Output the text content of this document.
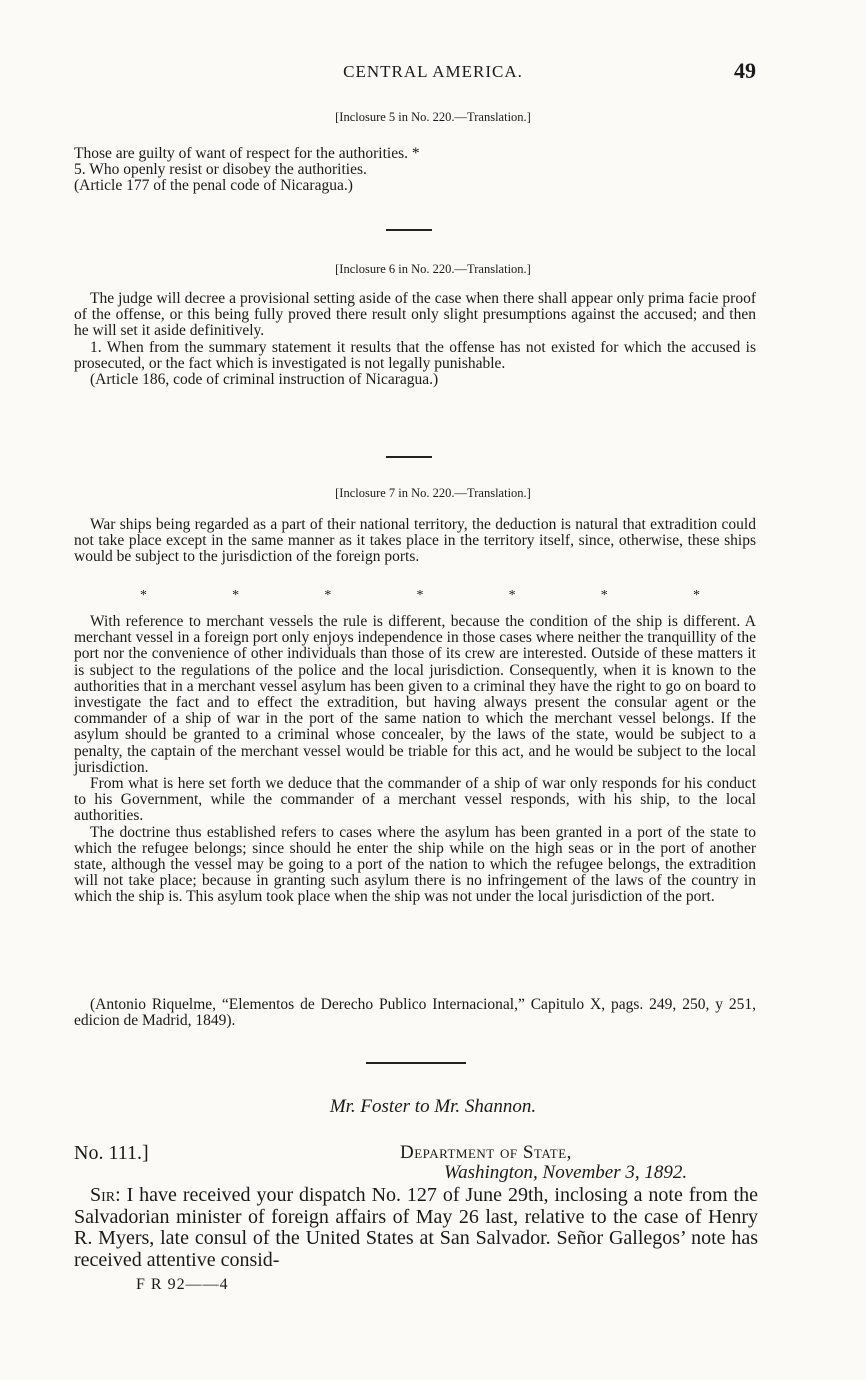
CENTRAL AMERICA.	49
[Inclosure 5 in No. 220.—Translation.]

Those are guilty of want of respect for the authorities. *

5. Who openly resist or disobey the authorities.

(Article 177 of the penal code of Nicaragua.)

[Inclosure 6 in No. 220.—Translation.]

The judge will decree a provisional setting aside of the case when there shall appear only prima facie proof of the offense, or this being fully proved there result only slight presumptions against the accused; and then he will set it aside definitively.

1. When from the summary statement it results that the offense has not existed for which the accused is prosecuted, or the fact which is investigated is not legally punishable.

(Article 186, code of criminal instruction of Nicaragua.)

[Inclosure 7 in No. 220.—Translation.]

War ships being regarded as a part of their national territory, the deduction is natural that extradition could not take place except in the same manner as it takes place in the territory itself, since, otherwise, these ships would be subject to the jurisdiction of the foreign ports.

*	*	*	*	*	*	*

With reference to merchant vessels the rule is different, because the condition of the ship is different. A merchant vessel in a foreign port only enjoys independence in those cases where neither the tranquillity of the port nor the convenience of other individuals than those of its crew are interested. Outside of these matters it is subject to the regulations of the police and the local jurisdiction. Consequently, when it is known to the authorities that in a merchant vessel asylum has been given to a criminal they have the right to go on board to investigate the fact and to effect the extradition, but having always present the consular agent or the commander of a ship of war in the port of the same nation to which the merchant vessel belongs. If the asylum should be granted to a criminal whose concealer, by the laws of the state, would be subject to a penalty, the captain of the merchant vessel would be triable for this act, and he would be subject to the local jurisdiction.

From what is here set forth we deduce that the commander of a ship of war only responds for his conduct to his Government, while the commander of a merchant vessel responds, with his ship, to the local authorities.

The doctrine thus established refers to cases where the asylum has been granted in a port of the state to which the refugee belongs; since should he enter the ship while on the high seas or in the port of another state, although the vessel may be going to a port of the nation to which the refugee belongs, the extradition will not take place; because in granting such asylum there is no infringement of the laws of the country in which the ship is. This asylum took place when the ship was not under the local jurisdiction of the port.

(Antonio Riquelme, “Elementos de Derecho Publico Internacional,” Capitulo X, pags. 249, 250, y 251, edicion de Madrid, 1849).

Mr. Foster to Mr. Shannon.
No. 111.]	Department of State,
Washington, November 3, 1892.

Sir: I have received your dispatch No. 127 of June 29th, inclosing a note from the Salvadorian minister of foreign affairs of May 26 last, relative to the case of Henry R. Myers, late consul of the United States at San Salvador. Señor Gallegos’ note has received attentive consid-

F R 92——4
